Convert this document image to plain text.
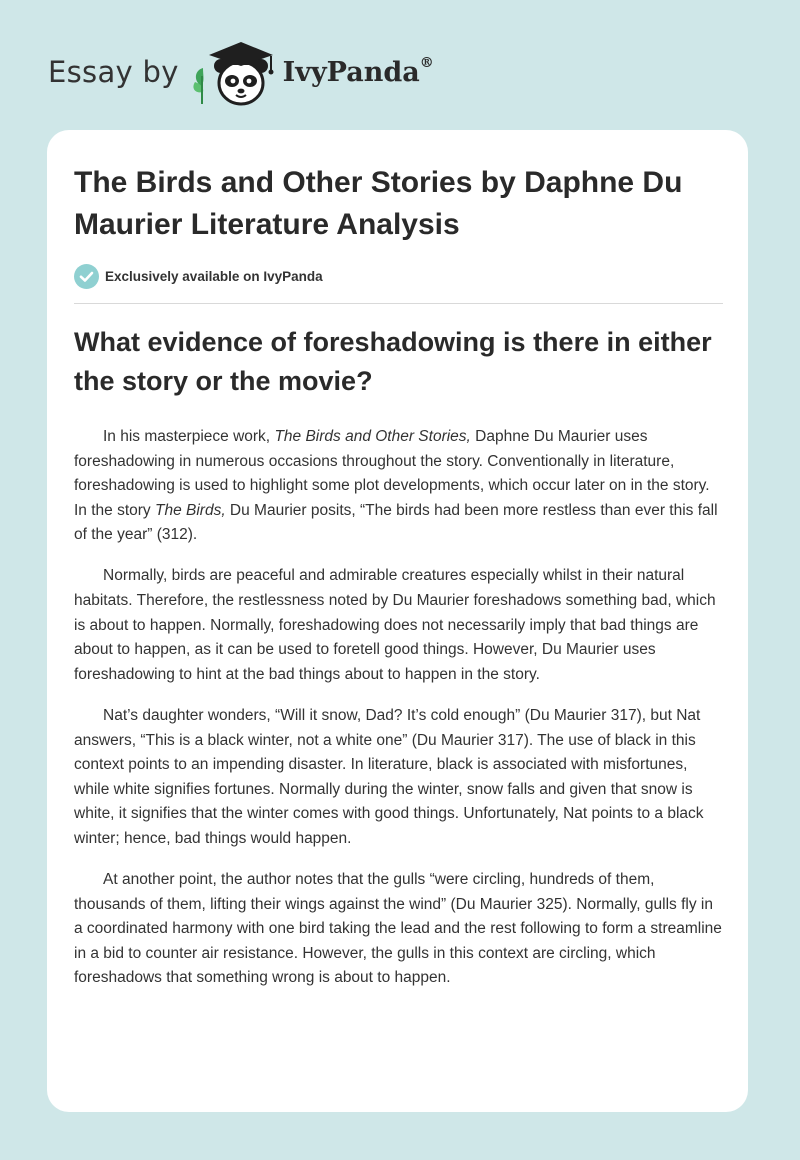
Essay by	IvyPanda®
The Birds and Other Stories by Daphne Du Maurier Literature Analysis
Exclusively available on IvyPanda
What evidence of foreshadowing is there in either the story or the movie?

In his masterpiece work, The Birds and Other Stories, Daphne Du Maurier uses foreshadowing in numerous occasions throughout the story. Conventionally in literature, foreshadowing is used to highlight some plot developments, which occur later on in the story. In the story The Birds, Du Maurier posits, “The birds had been more restless than ever this fall of the year” (312).

Normally, birds are peaceful and admirable creatures especially whilst in their natural habitats. Therefore, the restlessness noted by Du Maurier foreshadows something bad, which is about to happen. Normally, foreshadowing does not necessarily imply that bad things are about to happen, as it can be used to foretell good things. However, Du Maurier uses foreshadowing to hint at the bad things about to happen in the story.

Nat’s daughter wonders, “Will it snow, Dad? It’s cold enough” (Du Maurier 317), but Nat answers, “This is a black winter, not a white one” (Du Maurier 317). The use of black in this context points to an impending disaster. In literature, black is associated with misfortunes, while white signifies fortunes. Normally during the winter, snow falls and given that snow is white, it signifies that the winter comes with good things. Unfortunately, Nat points to a black winter; hence, bad things would happen.

At another point, the author notes that the gulls “were circling, hundreds of them, thousands of them, lifting their wings against the wind” (Du Maurier 325). Normally, gulls fly in a coordinated harmony with one bird taking the lead and the rest following to form a streamline in a bid to counter air resistance. However, the gulls in this context are circling, which foreshadows that something wrong is about to happen.
